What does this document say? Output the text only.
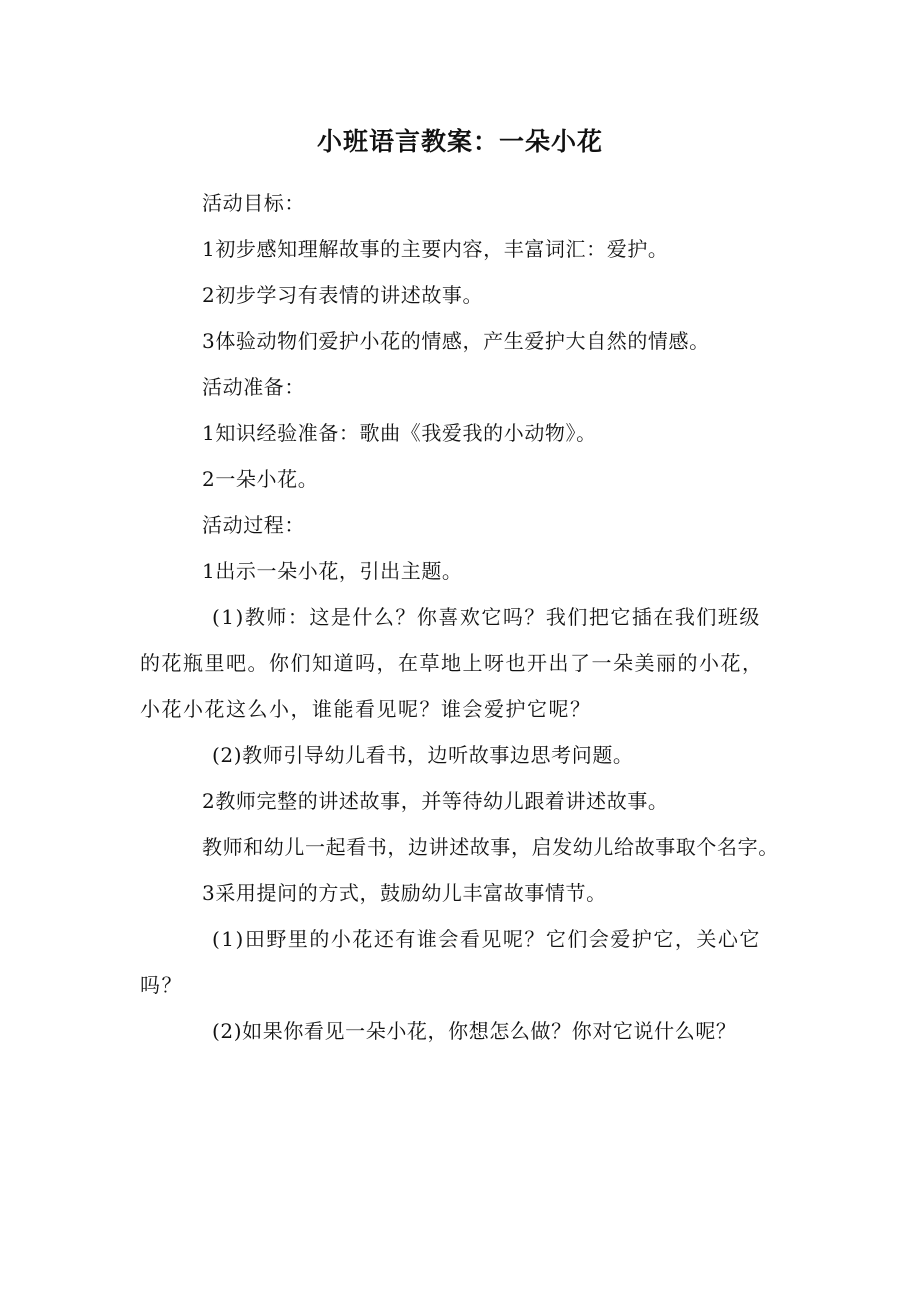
小班语言教案：一朵小花

活动目标：

1初步感知理解故事的主要内容，丰富词汇：爱护。

2初步学习有表情的讲述故事。

3体验动物们爱护小花的情感，产生爱护大自然的情感。

活动准备：

1知识经验准备：歌曲《我爱我的小动物》。

2一朵小花。

活动过程：

1出示一朵小花，引出主题。

(1)教师：这是什么？你喜欢它吗？我们把它插在我们班级的花瓶里吧。你们知道吗，在草地上呀也开出了一朵美丽的小花，小花小花这么小，谁能看见呢？谁会爱护它呢？

(2)教师引导幼儿看书，边听故事边思考问题。

2教师完整的讲述故事，并等待幼儿跟着讲述故事。

教师和幼儿一起看书，边讲述故事，启发幼儿给故事取个名字。

3采用提问的方式，鼓励幼儿丰富故事情节。

(1)田野里的小花还有谁会看见呢？它们会爱护它，关心它吗？

(2)如果你看见一朵小花，你想怎么做？你对它说什么呢？
